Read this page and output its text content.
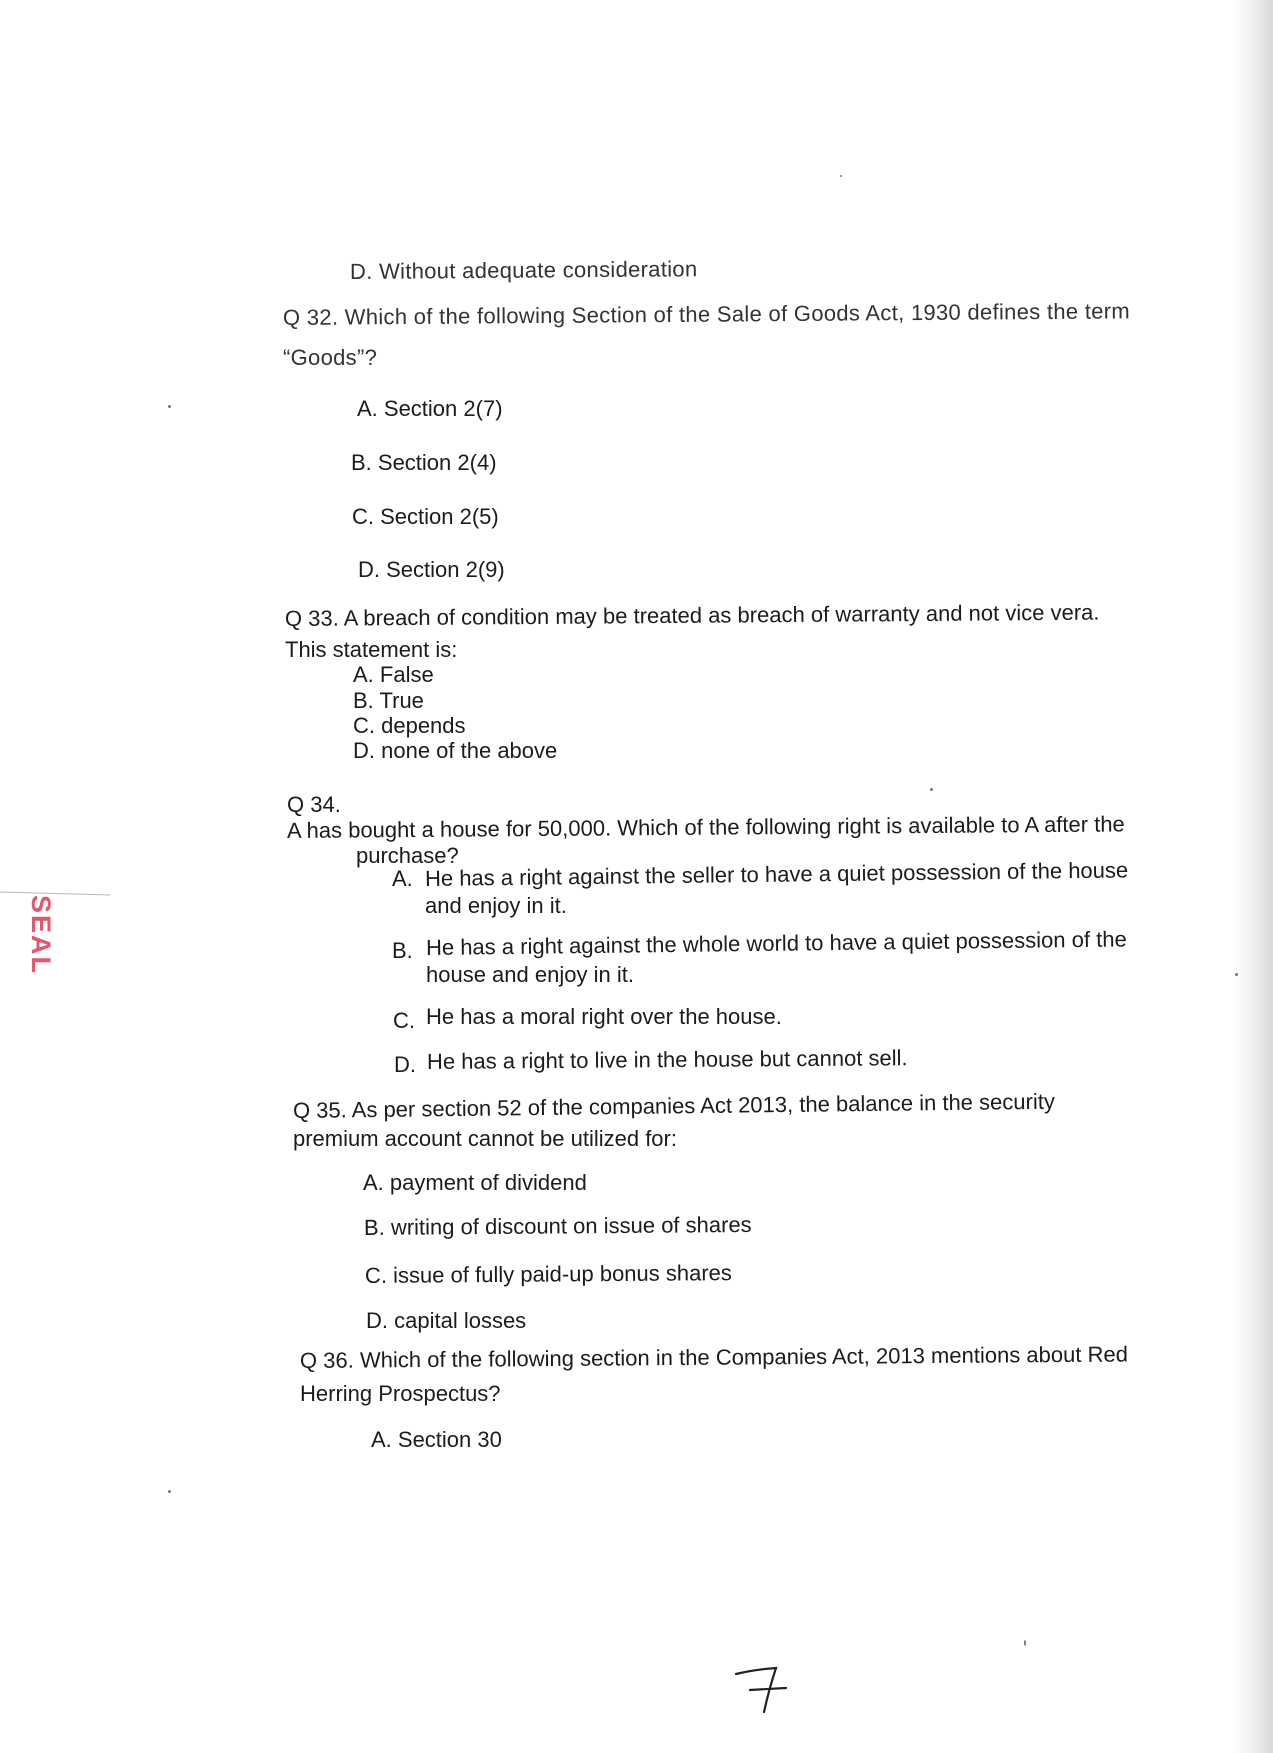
D. Without adequate consideration
Q 32. Which of the following Section of the Sale of Goods Act, 1930 defines the term
“Goods”?
A. Section 2(7)
B. Section 2(4)
C. Section 2(5)
D. Section 2(9)
Q 33. A breach of condition may be treated as breach of warranty and not vice vera.
This statement is:
A. False
B. True
C. depends
D. none of the above
Q 34.
A has bought a house for 50,000. Which of the following right is available to A after the
purchase?
A. He has a right against the seller to have a quiet possession of the house
and enjoy in it.
B. He has a right against the whole world to have a quiet possession of the
house and enjoy in it.
C. He has a moral right over the house.
D. He has a right to live in the house but cannot sell.
Q 35. As per section 52 of the companies Act 2013, the balance in the security
premium account cannot be utilized for:
A. payment of dividend
B. writing of discount on issue of shares
C. issue of fully paid-up bonus shares
D. capital losses
Q 36. Which of the following section in the Companies Act, 2013 mentions about Red
Herring Prospectus?
A. Section 30
SEAL
